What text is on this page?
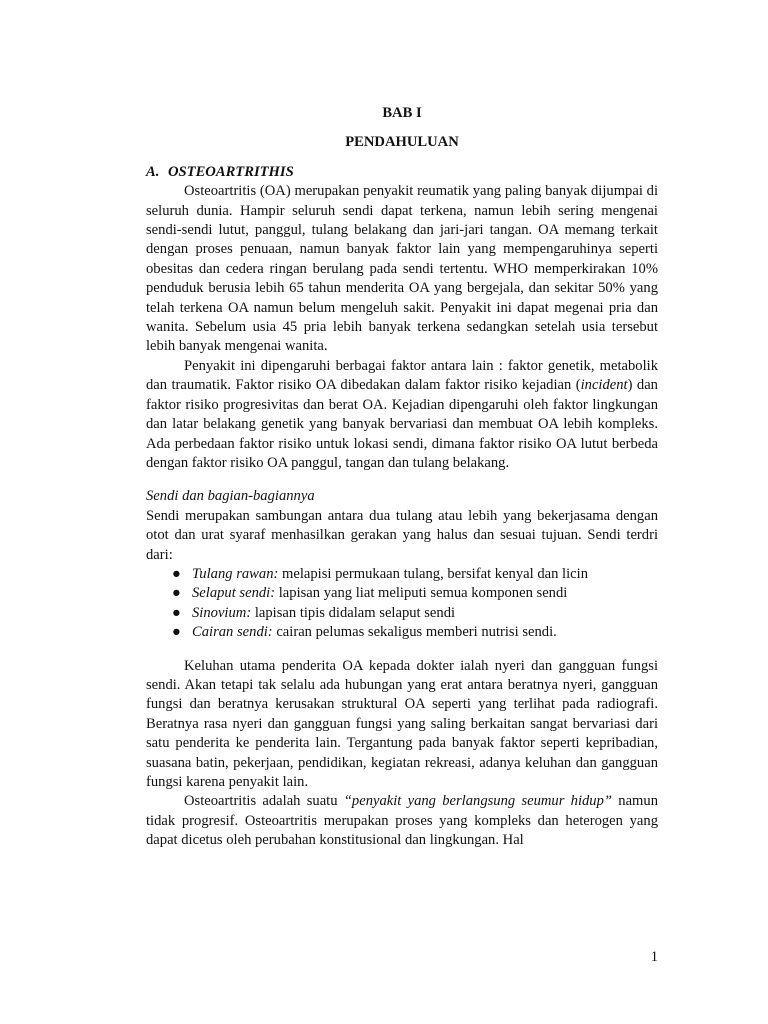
BAB I

PENDAHULUAN

A. OSTEOARTRITHIS

Osteoartritis (OA) merupakan penyakit reumatik yang paling banyak dijumpai di seluruh dunia. Hampir seluruh sendi dapat terkena, namun lebih sering mengenai sendi-sendi lutut, panggul, tulang belakang dan jari-jari tangan. OA memang terkait dengan proses penuaan, namun banyak faktor lain yang mempengaruhinya seperti obesitas dan cedera ringan berulang pada sendi tertentu. WHO memperkirakan 10% penduduk berusia lebih 65 tahun menderita OA yang bergejala, dan sekitar 50% yang telah terkena OA namun belum mengeluh sakit. Penyakit ini dapat megenai pria dan wanita. Sebelum usia 45 pria lebih banyak terkena sedangkan setelah usia tersebut lebih banyak mengenai wanita.

Penyakit ini dipengaruhi berbagai faktor antara lain : faktor genetik, metabolik dan traumatik. Faktor risiko OA dibedakan dalam faktor risiko kejadian (incident) dan faktor risiko progresivitas dan berat OA. Kejadian dipengaruhi oleh faktor lingkungan dan latar belakang genetik yang banyak bervariasi dan membuat OA lebih kompleks. Ada perbedaan faktor risiko untuk lokasi sendi, dimana faktor risiko OA lutut berbeda dengan faktor risiko OA panggul, tangan dan tulang belakang.

Sendi dan bagian-bagiannya

Sendi merupakan sambungan antara dua tulang atau lebih yang bekerjasama dengan otot dan urat syaraf menhasilkan gerakan yang halus dan sesuai tujuan. Sendi terdri dari:

● Tulang rawan: melapisi permukaan tulang, bersifat kenyal dan licin
● Selaput sendi: lapisan yang liat meliputi semua komponen sendi
● Sinovium: lapisan tipis didalam selaput sendi
● Cairan sendi: cairan pelumas sekaligus memberi nutrisi sendi.

Keluhan utama penderita OA kepada dokter ialah nyeri dan gangguan fungsi sendi. Akan tetapi tak selalu ada hubungan yang erat antara beratnya nyeri, gangguan fungsi dan beratnya kerusakan struktural OA seperti yang terlihat pada radiografi. Beratnya rasa nyeri dan gangguan fungsi yang saling berkaitan sangat bervariasi dari satu penderita ke penderita lain. Tergantung pada banyak faktor seperti kepribadian, suasana batin, pekerjaan, pendidikan, kegiatan rekreasi, adanya keluhan dan gangguan fungsi karena penyakit lain.

Osteoartritis adalah suatu “penyakit yang berlangsung seumur hidup” namun tidak progresif. Osteoartritis merupakan proses yang kompleks dan heterogen yang dapat dicetus oleh perubahan konstitusional dan lingkungan. Hal

1
